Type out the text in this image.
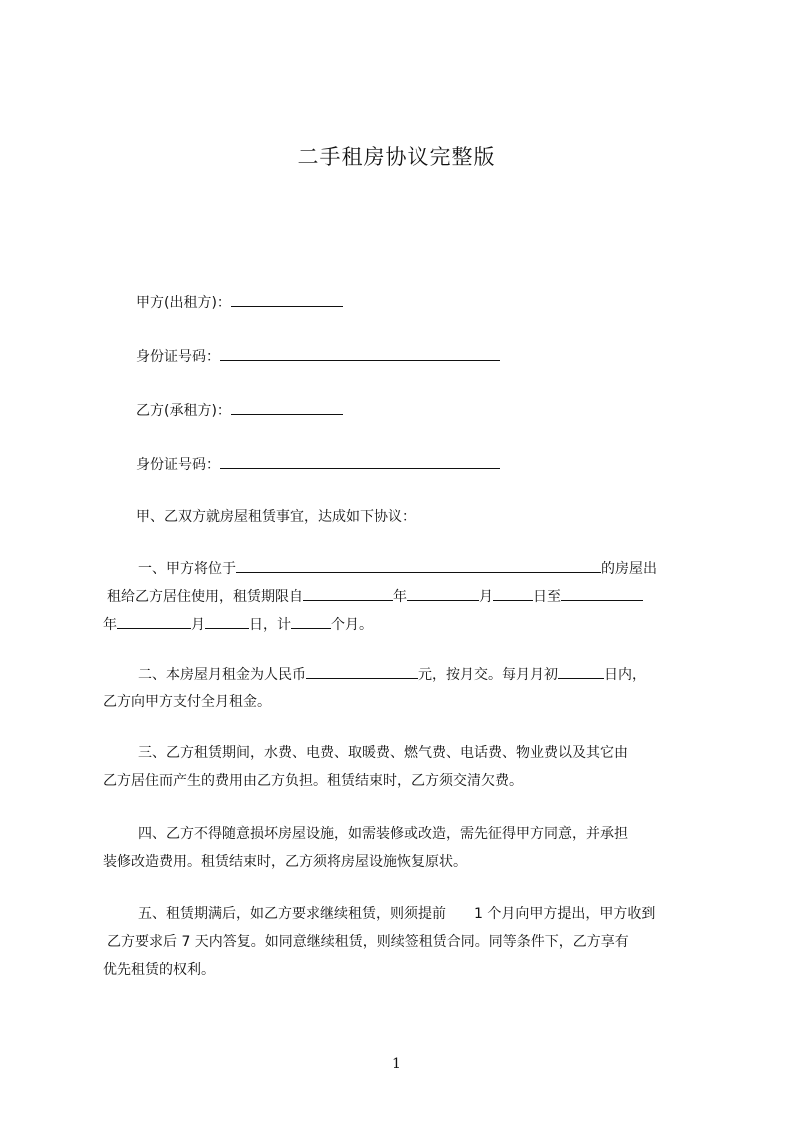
二手租房协议完整版
甲方(出租方)：
身份证号码：
乙方(承租方)：
身份证号码：
甲、乙双方就房屋租赁事宜，达成如下协议：
一、甲方将位于	的房屋出
租给乙方居住使用，租赁期限自	年	月	日至
年	月	日，计	个月。
二、本房屋月租金为人民币	元，按月交。每月月初	日内，
乙方向甲方支付全月租金。
三、乙方租赁期间，水费、电费、取暖费、燃气费、电话费、物业费以及其它由
乙方居住而产生的费用由乙方负担。租赁结束时，乙方须交清欠费。
四、乙方不得随意损坏房屋设施，如需装修或改造，需先征得甲方同意，并承担
装修改造费用。租赁结束时，乙方须将房屋设施恢复原状。
五、租赁期满后，如乙方要求继续租赁，则须提前　　1 个月向甲方提出，甲方收到
乙方要求后 7 天内答复。如同意继续租赁，则续签租赁合同。同等条件下，乙方享有
优先租赁的权利。
1
